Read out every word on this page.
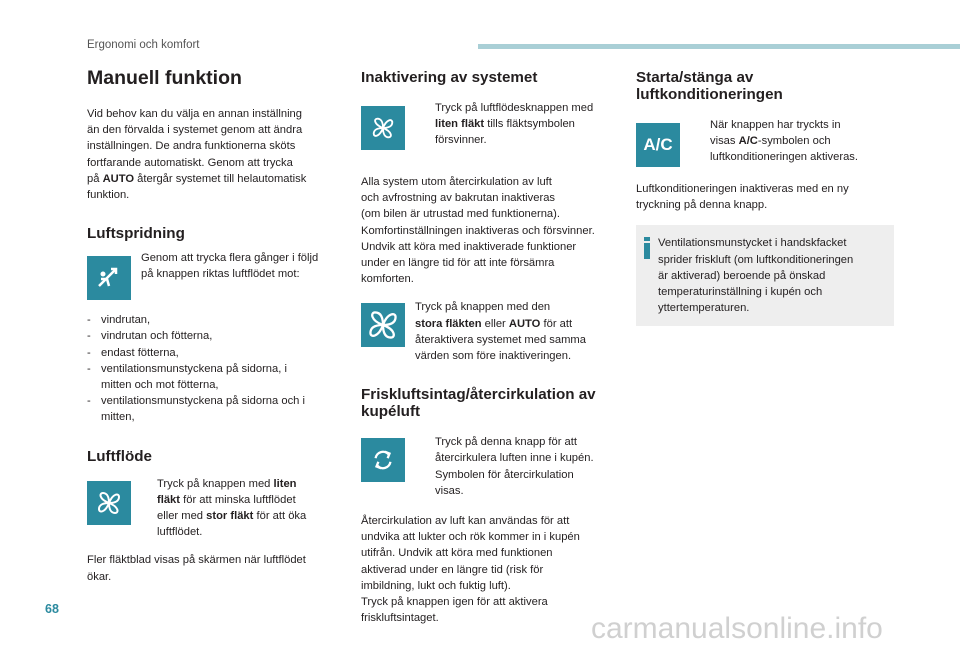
Ergonomi och komfort
Manuell funktion

Vid behov kan du välja en annan inställning
än den förvalda i systemet genom att ändra
inställningen. De andra funktionerna sköts
fortfarande automatiskt. Genom att trycka
på AUTO återgår systemet till helautomatisk
funktion.

Luftspridning
Genom att trycka flera gånger i följd
på knappen riktas luftflödet mot:
- vindrutan,
- vindrutan och fötterna,
- endast fötterna,
- ventilationsmunstyckena på sidorna, i
mitten och mot fötterna,
- ventilationsmunstyckena på sidorna och i
mitten,
Luftflöde
Tryck på knappen med liten
fläkt för att minska luftflödet
eller med stor fläkt för att öka
luftflödet.

Fler fläktblad visas på skärmen när luftflödet
ökar.

Inaktivering av systemet
Tryck på luftflödesknappen med
liten fläkt tills fläktsymbolen
försvinner.

Alla system utom återcirkulation av luft
och avfrostning av bakrutan inaktiveras
(om bilen är utrustad med funktionerna).
Komfortinställningen inaktiveras och försvinner.
Undvik att köra med inaktiverade funktioner
under en längre tid för att inte försämra
komforten.

Tryck på knappen med den
stora fläkten eller AUTO för att
återaktivera systemet med samma
värden som före inaktiveringen.
Friskluftsintag/återcirkulation av
kupéluft
Tryck på denna knapp för att
återcirkulera luften inne i kupén.
Symbolen för återcirkulation
visas.

Återcirkulation av luft kan användas för att
undvika att lukter och rök kommer in i kupén
utifrån. Undvik att köra med funktionen
aktiverad under en längre tid (risk för
imbildning, lukt och fuktig luft).
Tryck på knappen igen för att aktivera
friskluftsintaget.

Starta/stänga av
luftkonditioneringen
A/C
När knappen har tryckts in
visas A/C-symbolen och
luftkonditioneringen aktiveras.

Luftkonditioneringen inaktiveras med en ny
tryckning på denna knapp.

Ventilationsmunstycket i handskfacket
sprider friskluft (om luftkonditioneringen
är aktiverad) beroende på önskad
temperaturinställning i kupén och
yttertemperaturen.
68
carmanualsonline.info
